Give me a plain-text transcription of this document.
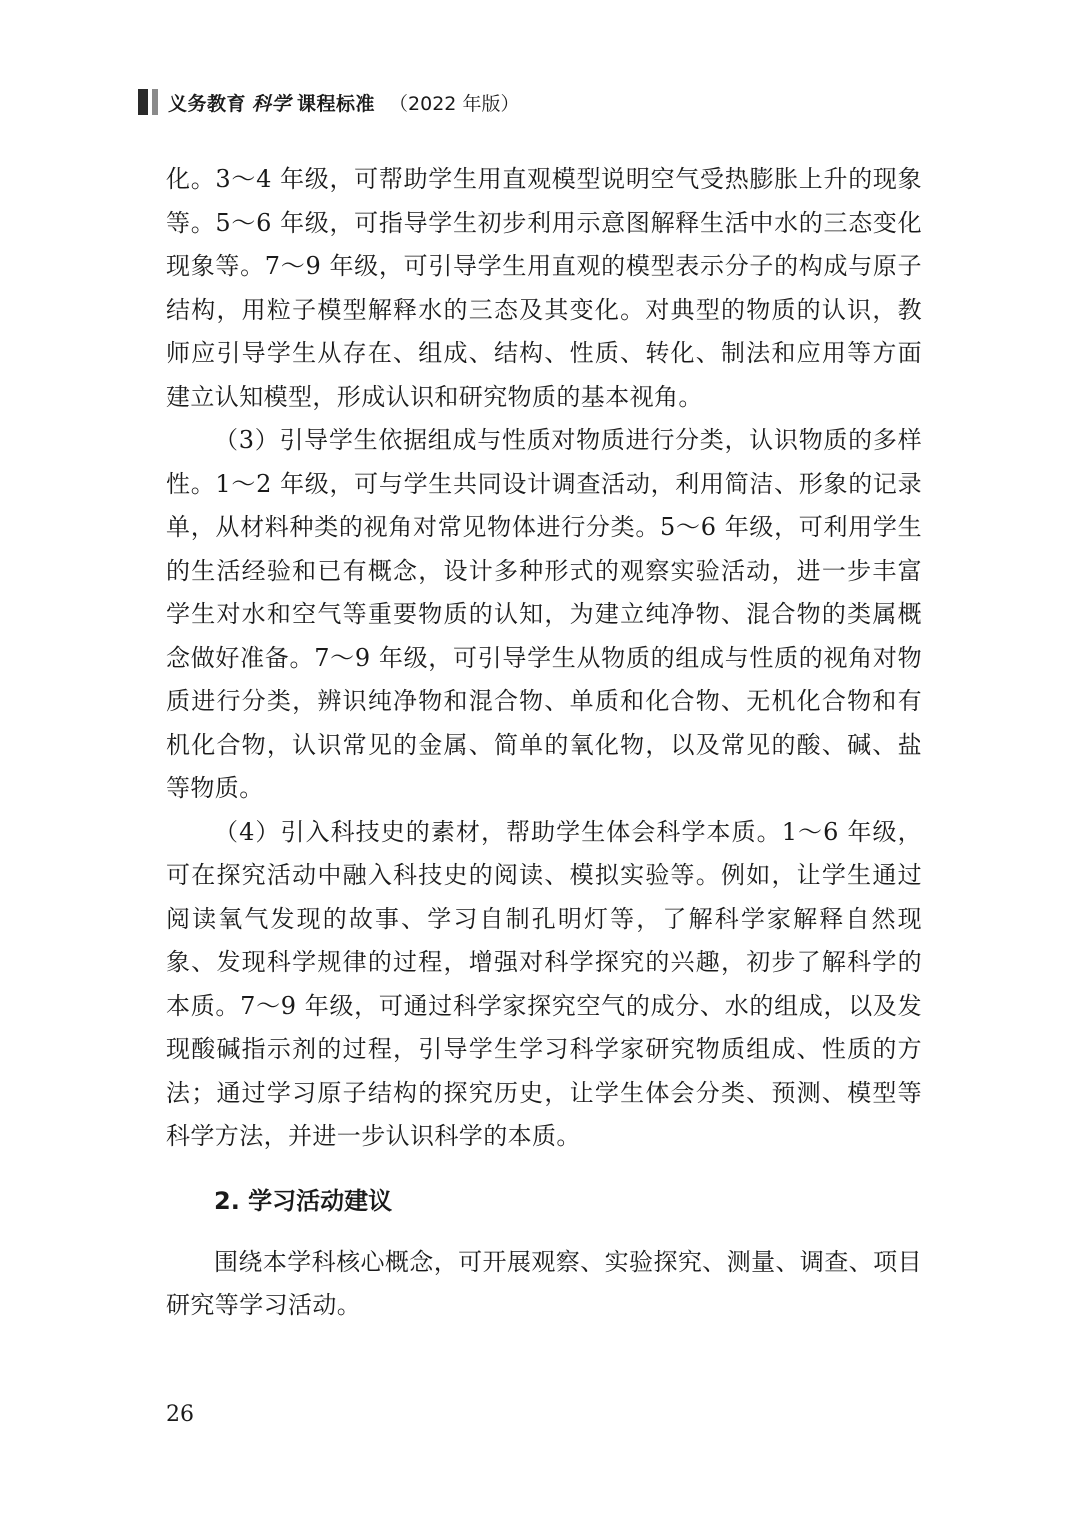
义务教育 科学 课程标准 （2022 年版）

化。3～4 年级，可帮助学生用直观模型说明空气受热膨胀上升的现象等。5～6 年级，可指导学生初步利用示意图解释生活中水的三态变化现象等。7～9 年级，可引导学生用直观的模型表示分子的构成与原子结构，用粒子模型解释水的三态及其变化。对典型的物质的认识，教师应引导学生从存在、组成、结构、性质、转化、制法和应用等方面建立认知模型，形成认识和研究物质的基本视角。

（3）引导学生依据组成与性质对物质进行分类，认识物质的多样性。1～2 年级，可与学生共同设计调查活动，利用简洁、形象的记录单，从材料种类的视角对常见物体进行分类。5～6 年级，可利用学生的生活经验和已有概念，设计多种形式的观察实验活动，进一步丰富学生对水和空气等重要物质的认知，为建立纯净物、混合物的类属概念做好准备。7～9 年级，可引导学生从物质的组成与性质的视角对物质进行分类，辨识纯净物和混合物、单质和化合物、无机化合物和有机化合物，认识常见的金属、简单的氧化物，以及常见的酸、碱、盐等物质。

（4）引入科技史的素材，帮助学生体会科学本质。1～6 年级，可在探究活动中融入科技史的阅读、模拟实验等。例如，让学生通过阅读氧气发现的故事、学习自制孔明灯等，了解科学家解释自然现象、发现科学规律的过程，增强对科学探究的兴趣，初步了解科学的本质。7～9 年级，可通过科学家探究空气的成分、水的组成，以及发现酸碱指示剂的过程，引导学生学习科学家研究物质组成、性质的方法；通过学习原子结构的探究历史，让学生体会分类、预测、模型等科学方法，并进一步认识科学的本质。

2. 学习活动建议

围绕本学科核心概念，可开展观察、实验探究、测量、调查、项目研究等学习活动。

26
